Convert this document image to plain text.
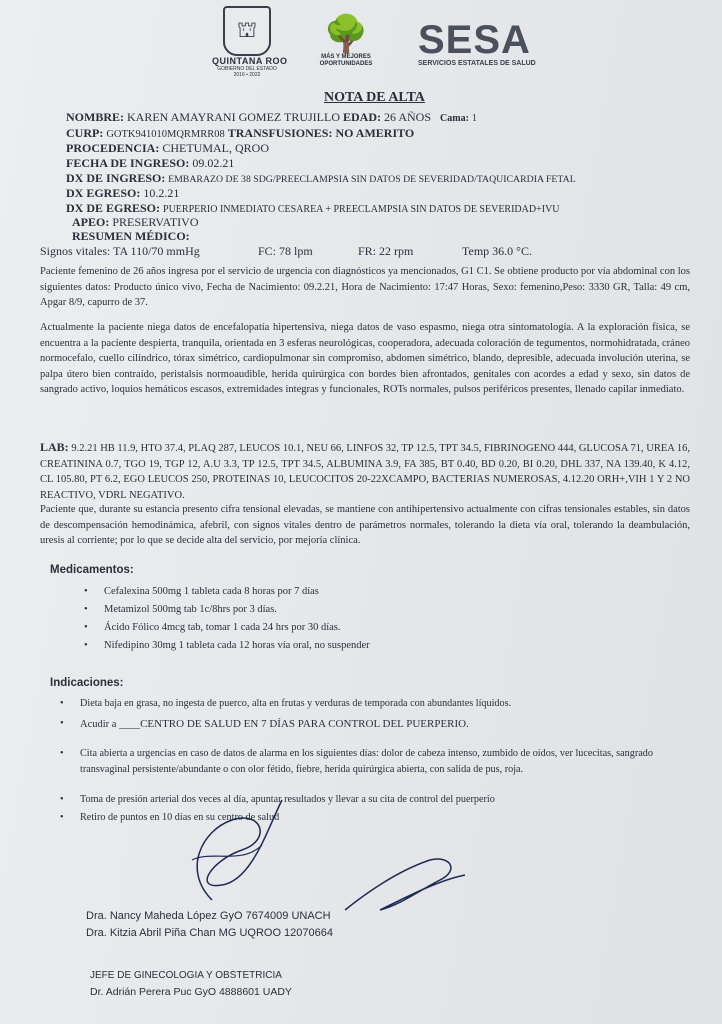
⛫
QUINTANA ROO
GOBIERNO DEL ESTADO
2016 • 2022
🌳
MÁS Y MEJORES
OPORTUNIDADES
SESA
SERVICIOS ESTATALES DE SALUD
NOTA DE ALTA
NOMBRE: KAREN AMAYRANI GOMEZ TRUJILLO EDAD: 26 AÑOS Cama: 1
CURP: GOTK941010MQRMRR08 TRANSFUSIONES: NO AMERITO
PROCEDENCIA: CHETUMAL, QROO
FECHA DE INGRESO: 09.02.21
DX DE INGRESO: EMBARAZO DE 38 SDG/PREECLAMPSIA SIN DATOS DE SEVERIDAD/TAQUICARDIA FETAL
DX EGRESO: 10.2.21
DX DE EGRESO: PUERPERIO INMEDIATO CESAREA + PREECLAMPSIA SIN DATOS DE SEVERIDAD+IVU
APEO: PRESERVATIVO
RESUMEN MÉDICO:
Signos vitales: TA 110/70 mmHg	FC: 78 lpm	FR: 22 rpm	Temp 36.0 °C.
Paciente femenino de 26 años ingresa por el servicio de urgencia con diagnósticos ya mencionados, G1 C1. Se obtiene producto por vía abdominal con los siguientes datos: Producto único vivo, Fecha de Nacimiento: 09.2.21, Hora de Nacimiento: 17:47 Horas, Sexo: femenino,Peso: 3330 GR, Talla: 49 cm, Apgar 8/9, capurro de 37.
Actualmente la paciente niega datos de encefalopatía hipertensiva, niega datos de vaso espasmo, niega otra sintomatología. A la exploración física, se encuentra a la paciente despierta, tranquila, orientada en 3 esferas neurológicas, cooperadora, adecuada coloración de tegumentos, normohidratada, cráneo normocefalo, cuello cilíndrico, tórax simétrico, cardiopulmonar sin compromiso, abdomen simétrico, blando, depresible, adecuada involución uterina, se palpa útero bien contraído, peristalsis normoaudible, herida quirúrgica con bordes bien afrontados, genitales con acordes a edad y sexo, sin datos de sangrado activo, loquios hemáticos escasos, extremidades integras y funcionales, ROTs normales, pulsos periféricos presentes, llenado capilar inmediato.
LAB: 9.2.21 HB 11.9, HTO 37.4, PLAQ 287, LEUCOS 10.1, NEU 66, LINFOS 32, TP 12.5, TPT 34.5, FIBRINOGENO 444, GLUCOSA 71, UREA 16, CREATININA 0.7, TGO 19, TGP 12, A.U 3.3, TP 12.5, TPT 34.5, ALBUMINA 3.9, FA 385, BT 0.40, BD 0.20, BI 0.20, DHL 337, NA 139.40, K 4.12, CL 105.80, PT 6.2, EGO LEUCOS 250, PROTEINAS 10, LEUCOCITOS 20-22XCAMPO, BACTERIAS NUMEROSAS, 4.12.20 ORH+,VIH 1 Y 2 NO REACTIVO, VDRL NEGATIVO.
Paciente que, durante su estancia presento cifra tensional elevadas, se mantiene con antihipertensivo actualmente con cifras tensionales estables, sin datos de descompensación hemodinámica, afebril, con signos vitales dentro de parámetros normales, tolerando la dieta vía oral, tolerando la deambulación, uresis al corriente; por lo que se decide alta del servicio, por mejoría clínica.
Medicamentos:
• Cefalexina 500mg 1 tableta cada 8 horas por 7 días
• Metamizol 500mg tab 1c/8hrs por 3 días.
• Ácido Fólico 4mcg tab, tomar 1 cada 24 hrs por 30 días.
• Nifedipino 30mg 1 tableta cada 12 horas vía oral, no suspender
Indicaciones:
• Dieta baja en grasa, no ingesta de puerco, alta en frutas y verduras de temporada con abundantes líquidos.
• Acudir a ____CENTRO DE SALUD EN 7 DÍAS PARA CONTROL DEL PUERPERIO.
• Cita abierta a urgencias en caso de datos de alarma en los siguientes días: dolor de cabeza intenso, zumbido de oídos, ver lucecitas, sangrado transvaginal persistente/abundante o con olor fétido, fiebre, herida quirúrgica abierta, con salida de pus, roja.
• Toma de presión arterial dos veces al día, apuntar resultados y llevar a su cita de control del puerperio
• Retiro de puntos en 10 días en su centro de salud
Dra. Nancy Maheda López GyO 7674009 UNACH
Dra. Kitzia Abril Piña Chan MG UQROO 12070664
JEFE DE GINECOLOGIA Y OBSTETRICIA
Dr. Adrián Perera Puc GyO 4888601 UADY
